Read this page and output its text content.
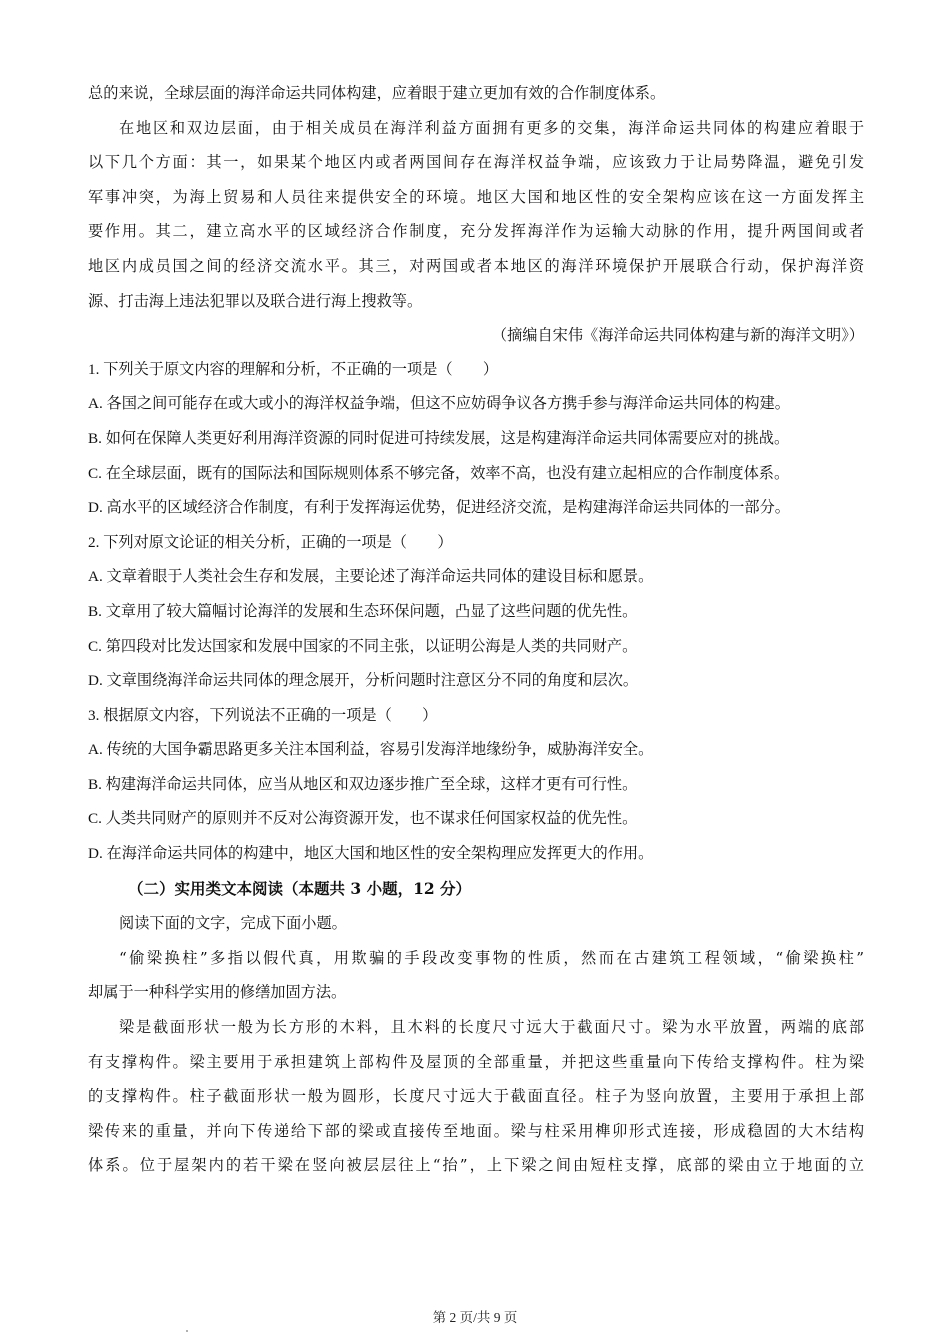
总的来说，全球层面的海洋命运共同体构建，应着眼于建立更加有效的合作制度体系。
在地区和双边层面，由于相关成员在海洋利益方面拥有更多的交集，海洋命运共同体的构建应着眼于
以下几个方面：其一，如果某个地区内或者两国间存在海洋权益争端，应该致力于让局势降温，避免引发
军事冲突，为海上贸易和人员往来提供安全的环境。地区大国和地区性的安全架构应该在这一方面发挥主
要作用。其二，建立高水平的区域经济合作制度，充分发挥海洋作为运输大动脉的作用，提升两国间或者
地区内成员国之间的经济交流水平。其三，对两国或者本地区的海洋环境保护开展联合行动，保护海洋资
源、打击海上违法犯罪以及联合进行海上搜救等。
（摘编自宋伟《海洋命运共同体构建与新的海洋文明》）
1. 下列关于原文内容的理解和分析，不正确的一项是（　　）
A. 各国之间可能存在或大或小的海洋权益争端，但这不应妨碍争议各方携手参与海洋命运共同体的构建。
B. 如何在保障人类更好利用海洋资源的同时促进可持续发展，这是构建海洋命运共同体需要应对的挑战。
C. 在全球层面，既有的国际法和国际规则体系不够完备，效率不高，也没有建立起相应的合作制度体系。
D. 高水平的区域经济合作制度，有利于发挥海运优势，促进经济交流，是构建海洋命运共同体的一部分。
2. 下列对原文论证的相关分析，正确的一项是（　　）
A. 文章着眼于人类社会生存和发展，主要论述了海洋命运共同体的建设目标和愿景。
B. 文章用了较大篇幅讨论海洋的发展和生态环保问题，凸显了这些问题的优先性。
C. 第四段对比发达国家和发展中国家的不同主张，以证明公海是人类的共同财产。
D. 文章围绕海洋命运共同体的理念展开，分析问题时注意区分不同的角度和层次。
3. 根据原文内容，下列说法不正确的一项是（　　）
A. 传统的大国争霸思路更多关注本国利益，容易引发海洋地缘纷争，威胁海洋安全。
B. 构建海洋命运共同体，应当从地区和双边逐步推广至全球，这样才更有可行性。
C. 人类共同财产的原则并不反对公海资源开发，也不谋求任何国家权益的优先性。
D. 在海洋命运共同体的构建中，地区大国和地区性的安全架构理应发挥更大的作用。
（二）实用类文本阅读（本题共 3 小题，12 分）
阅读下面的文字，完成下面小题。
“偷梁换柱”多指以假代真，用欺骗的手段改变事物的性质，然而在古建筑工程领域，“偷梁换柱”
却属于一种科学实用的修缮加固方法。
梁是截面形状一般为长方形的木料，且木料的长度尺寸远大于截面尺寸。梁为水平放置，两端的底部
有支撑构件。梁主要用于承担建筑上部构件及屋顶的全部重量，并把这些重量向下传给支撑构件。柱为梁
的支撑构件。柱子截面形状一般为圆形，长度尺寸远大于截面直径。柱子为竖向放置，主要用于承担上部
梁传来的重量，并向下传递给下部的梁或直接传至地面。梁与柱采用榫卯形式连接，形成稳固的大木结构
体系。位于屋架内的若干梁在竖向被层层往上“抬”，上下梁之间由短柱支撑，底部的梁由立于地面的立
第 2 页/共 9 页
